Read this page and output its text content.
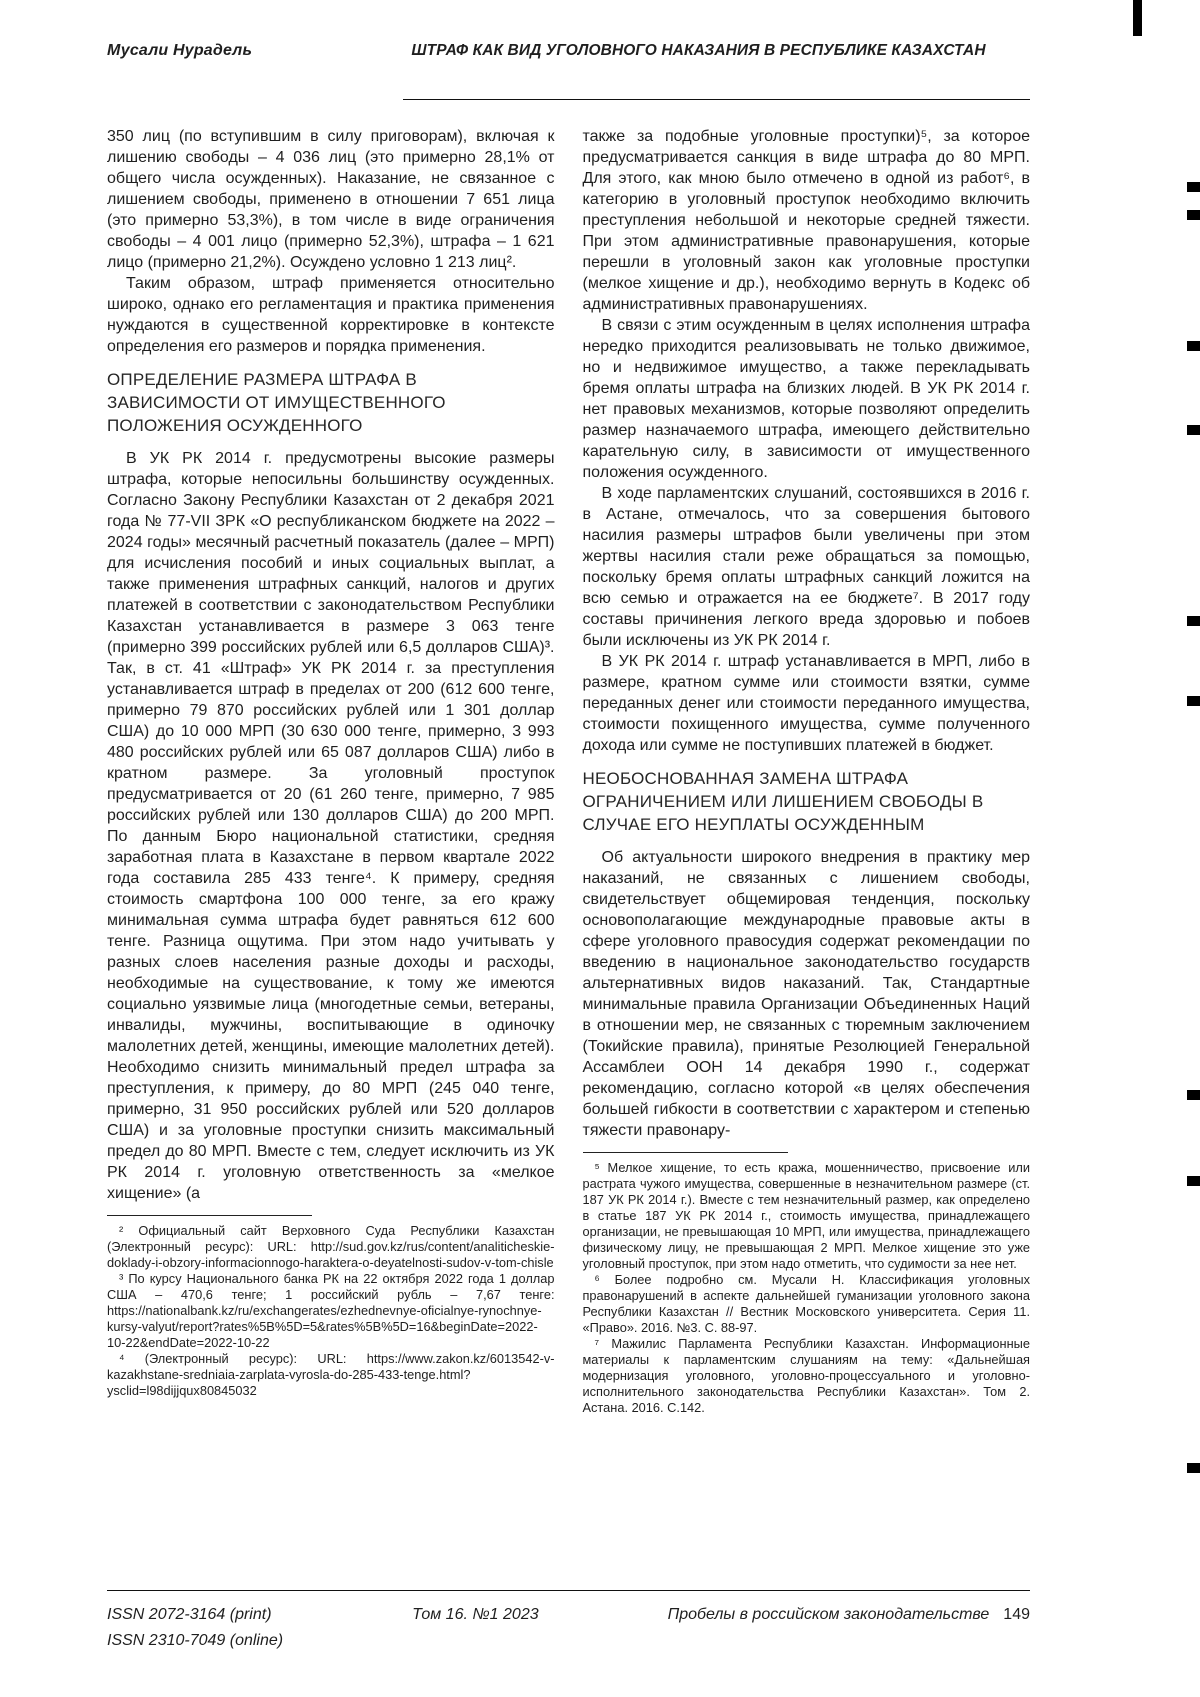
Мусали Нурадель	ШТРАФ КАК ВИД УГОЛОВНОГО НАКАЗАНИЯ В РЕСПУБЛИКЕ КАЗАХСТАН

350 лиц (по вступившим в силу приговорам), включая к лишению свободы – 4 036 лиц (это примерно 28,1% от общего числа осужденных). Наказание, не связанное с лишением свободы, применено в отношении 7 651 лица (это примерно 53,3%), в том числе в виде ограничения свободы – 4 001 лицо (примерно 52,3%), штрафа – 1 621 лицо (примерно 21,2%). Осуждено условно 1 213 лиц².

Таким образом, штраф применяется относительно широко, однако его регламентация и практика применения нуждаются в существенной корректировке в контексте определения его размеров и порядка применения.

ОПРЕДЕЛЕНИЕ РАЗМЕРА ШТРАФА В ЗАВИСИМОСТИ ОТ ИМУЩЕСТВЕННОГО ПОЛОЖЕНИЯ ОСУЖДЕННОГО

В УК РК 2014 г. предусмотрены высокие размеры штрафа, которые непосильны большинству осужденных. Согласно Закону Республики Казахстан от 2 декабря 2021 года № 77-VII ЗРК «О республиканском бюджете на 2022 – 2024 годы» месячный расчетный показатель (далее – МРП) для исчисления пособий и иных социальных выплат, а также применения штрафных санкций, налогов и других платежей в соответствии с законодательством Республики Казахстан устанавливается в размере 3 063 тенге (примерно 399 российских рублей или 6,5 долларов США)³. Так, в ст. 41 «Штраф» УК РК 2014 г. за преступления устанавливается штраф в пределах от 200 (612 600 тенге, примерно 79 870 российских рублей или 1 301 доллар США) до 10 000 МРП (30 630 000 тенге, примерно, 3 993 480 российских рублей или 65 087 долларов США) либо в кратном размере. За уголовный проступок предусматривается от 20 (61 260 тенге, примерно, 7 985 российских рублей или 130 долларов США) до 200 МРП. По данным Бюро национальной статистики, средняя заработная плата в Казахстане в первом квартале 2022 года составила 285 433 тенге⁴. К примеру, средняя стоимость смартфона 100 000 тенге, за его кражу минимальная сумма штрафа будет равняться 612 600 тенге. Разница ощутима. При этом надо учитывать у разных слоев населения разные доходы и расходы, необходимые на существование, к тому же имеются социально уязвимые лица (многодетные семьи, ветераны, инвалиды, мужчины, воспитывающие в одиночку малолетних детей, женщины, имеющие малолетних детей). Необходимо снизить минимальный предел штрафа за преступления, к примеру, до 80 МРП (245 040 тенге, примерно, 31 950 российских рублей или 520 долларов США) и за уголовные проступки снизить максимальный предел до 80 МРП. Вместе с тем, следует исключить из УК РК 2014 г. уголовную ответственность за «мелкое хищение» (а

² Официальный сайт Верховного Суда Республики Казахстан (Электронный ресурс): URL: http://sud.gov.kz/rus/content/analiticheskie-doklady-i-obzory-informacionnogo-haraktera-o-deyatelnosti-sudov-v-tom-chisle

³ По курсу Национального банка РК на 22 октября 2022 года 1 доллар США – 470,6 тенге; 1 российский рубль – 7,67 тенге: https://nationalbank.kz/ru/exchangerates/ezhednevnye-oficialnye-rynochnye-kursy-valyut/report?rates%5B%5D=5&rates%5B%5D=16&beginDate=2022-10-22&endDate=2022-10-22

⁴ (Электронный ресурс): URL: https://www.zakon.kz/6013542-v-kazakhstane-sredniaia-zarplata-vyrosla-do-285-433-tenge.html?ysclid=l98dijjqux80845032

также за подобные уголовные проступки)⁵, за которое предусматривается санкция в виде штрафа до 80 МРП. Для этого, как мною было отмечено в одной из работ⁶, в категорию в уголовный проступок необходимо включить преступления небольшой и некоторые средней тяжести. При этом административные правонарушения, которые перешли в уголовный закон как уголовные проступки (мелкое хищение и др.), необходимо вернуть в Кодекс об административных правонарушениях.

В связи с этим осужденным в целях исполнения штрафа нередко приходится реализовывать не только движимое, но и недвижимое имущество, а также перекладывать бремя оплаты штрафа на близких людей. В УК РК 2014 г. нет правовых механизмов, которые позволяют определить размер назначаемого штрафа, имеющего действительно карательную силу, в зависимости от имущественного положения осужденного.

В ходе парламентских слушаний, состоявшихся в 2016 г. в Астане, отмечалось, что за совершения бытового насилия размеры штрафов были увеличены при этом жертвы насилия стали реже обращаться за помощью, поскольку бремя оплаты штрафных санкций ложится на всю семью и отражается на ее бюджете⁷. В 2017 году составы причинения легкого вреда здоровью и побоев были исключены из УК РК 2014 г.

В УК РК 2014 г. штраф устанавливается в МРП, либо в размере, кратном сумме или стоимости взятки, сумме переданных денег или стоимости переданного имущества, стоимости похищенного имущества, сумме полученного дохода или сумме не поступивших платежей в бюджет.

НЕОБОСНОВАННАЯ ЗАМЕНА ШТРАФА ОГРАНИЧЕНИЕМ ИЛИ ЛИШЕНИЕМ СВОБОДЫ В СЛУЧАЕ ЕГО НЕУПЛАТЫ ОСУЖДЕННЫМ

Об актуальности широкого внедрения в практику мер наказаний, не связанных с лишением свободы, свидетельствует общемировая тенденция, поскольку основополагающие международные правовые акты в сфере уголовного правосудия содержат рекомендации по введению в национальное законодательство государств альтернативных видов наказаний. Так, Стандартные минимальные правила Организации Объединенных Наций в отношении мер, не связанных с тюремным заключением (Токийские правила), принятые Резолюцией Генеральной Ассамблеи ООН 14 декабря 1990 г., содержат рекомендацию, согласно которой «в целях обеспечения большей гибкости в соответствии с характером и степенью тяжести правонару-

⁵ Мелкое хищение, то есть кража, мошенничество, присвоение или растрата чужого имущества, совершенные в незначительном размере (ст. 187 УК РК 2014 г.). Вместе с тем незначительный размер, как определено в статье 187 УК РК 2014 г., стоимость имущества, принадлежащего организации, не превышающая 10 МРП, или имущества, принадлежащего физическому лицу, не превышающая 2 МРП. Мелкое хищение это уже уголовный проступок, при этом надо отметить, что судимости за нее нет.

⁶ Более подробно см. Мусали Н. Классификация уголовных правонарушений в аспекте дальнейшей гуманизации уголовного закона Республики Казахстан // Вестник Московского университета. Серия 11. «Право». 2016. №3. С. 88-97.

⁷ Мажилис Парламента Республики Казахстан. Информационные материалы к парламентским слушаниям на тему: «Дальнейшая модернизация уголовного, уголовно-процессуального и уголовно-исполнительного законодательства Республики Казахстан». Том 2. Астана. 2016. С.142.

ISSN 2072-3164 (print)
ISSN 2310-7049 (online)
Том 16. №1 2023	Пробелы в российском законодательстве 149
